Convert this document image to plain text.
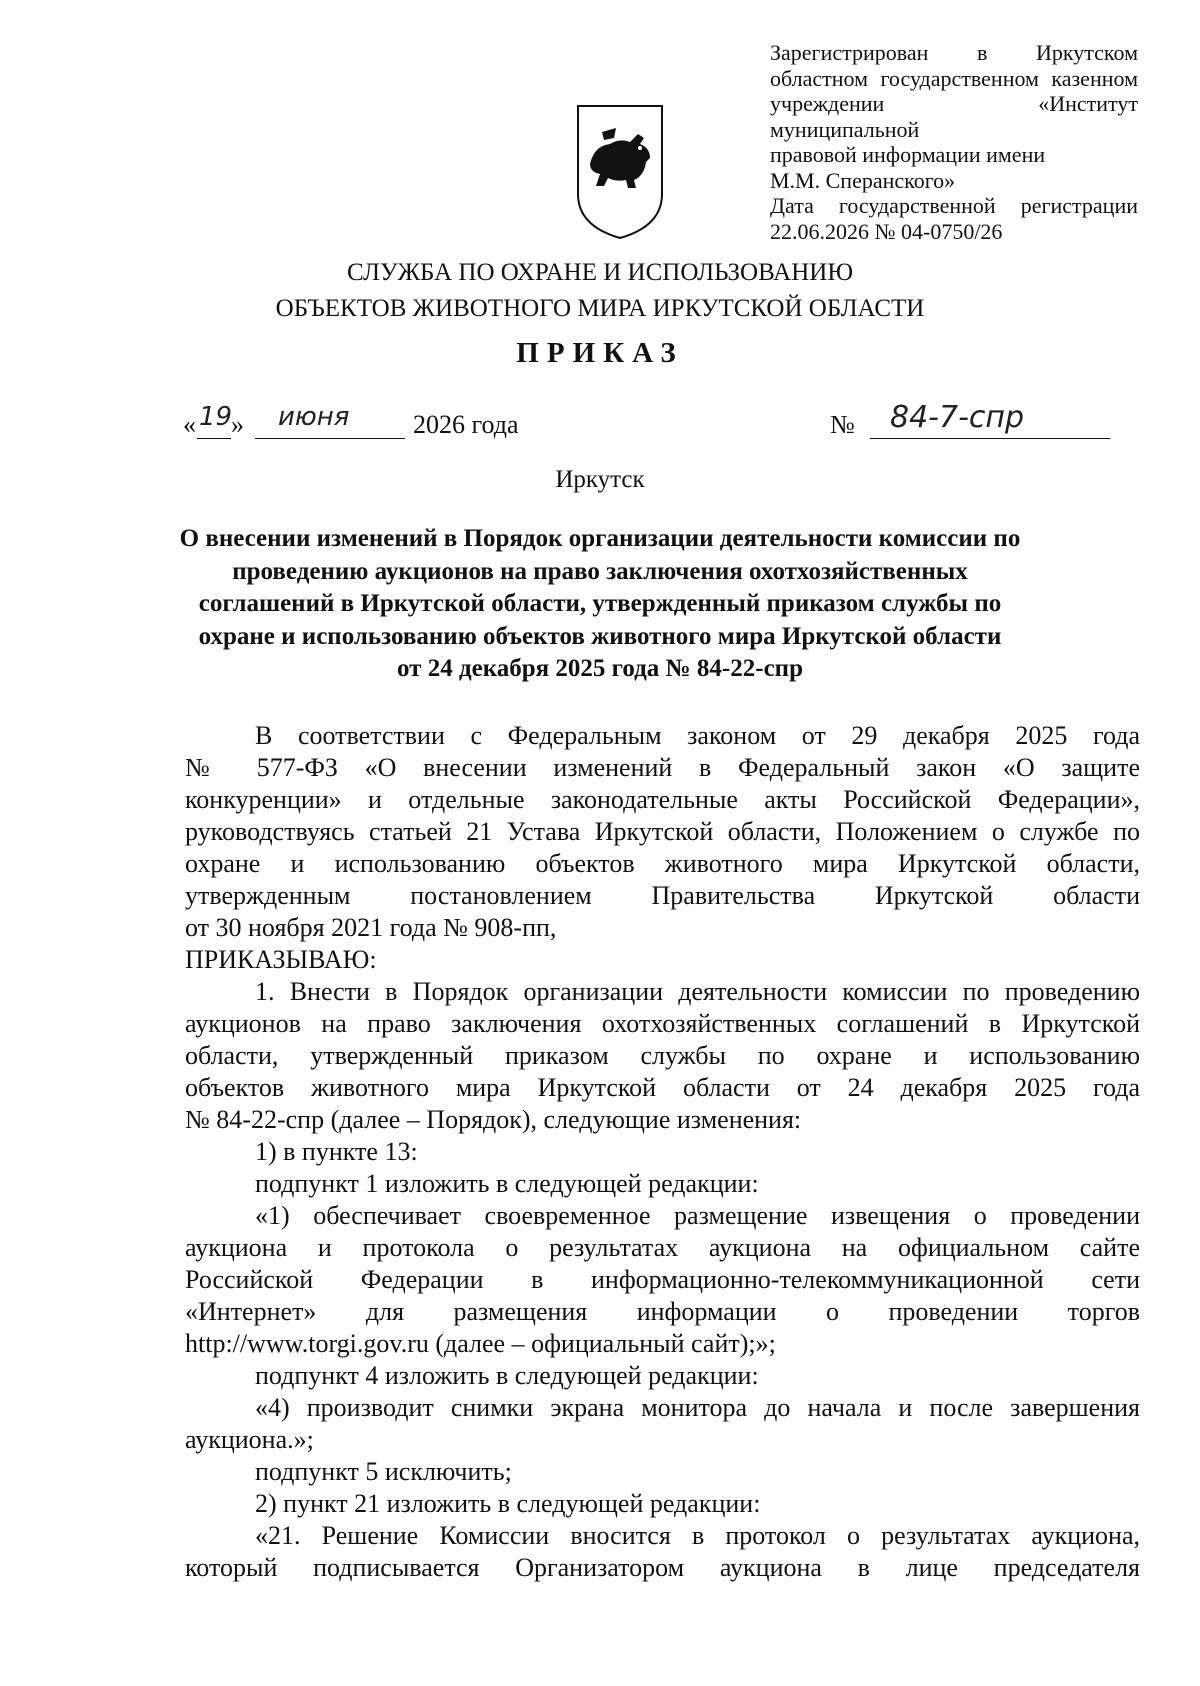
Зарегистрирован в Иркутском
областном государственном казенном
учреждении «Институт муниципальной
правовой информации имени
М.М. Сперанского»
Дата государственной регистрации
22.06.2026 № 04-0750/26
СЛУЖБА ПО ОХРАНЕ И ИСПОЛЬЗОВАНИЮ
ОБЪЕКТОВ ЖИВОТНОГО МИРА ИРКУТСКОЙ ОБЛАСТИ
ПРИКАЗ
« 19
» июня 2026 года	№ 84-7-спр
Иркутск
О внесении изменений в Порядок организации деятельности комиссии по
проведению аукционов на право заключения охотхозяйственных
соглашений в Иркутской области, утвержденный приказом службы по
охране и использованию объектов животного мира Иркутской области
от 24 декабря 2025 года № 84-22-спр
В соответствии с Федеральным законом от 29 декабря 2025 года
№ 577-ФЗ «О внесении изменений в Федеральный закон «О защите
конкуренции» и отдельные законодательные акты Российской Федерации»,
руководствуясь статьей 21 Устава Иркутской области, Положением о службе по
охране и использованию объектов животного мира Иркутской области,
утвержденным постановлением Правительства Иркутской области
от 30 ноября 2021 года № 908-пп,
ПРИКАЗЫВАЮ:
1. Внести в Порядок организации деятельности комиссии по проведению
аукционов на право заключения охотхозяйственных соглашений в Иркутской
области, утвержденный приказом службы по охране и использованию
объектов животного мира Иркутской области от 24 декабря 2025 года
№ 84-22-спр (далее – Порядок), следующие изменения:
1) в пункте 13:
подпункт 1 изложить в следующей редакции:
«1) обеспечивает своевременное размещение извещения о проведении
аукциона и протокола о результатах аукциона на официальном сайте
Российской Федерации в информационно-телекоммуникационной сети
«Интернет» для размещения информации о проведении торгов
http://www.torgi.gov.ru (далее – официальный сайт);»;
подпункт 4 изложить в следующей редакции:
«4) производит снимки экрана монитора до начала и после завершения
аукциона.»;
подпункт 5 исключить;
2) пункт 21 изложить в следующей редакции:
«21. Решение Комиссии вносится в протокол о результатах аукциона,
который подписывается Организатором аукциона в лице председателя
